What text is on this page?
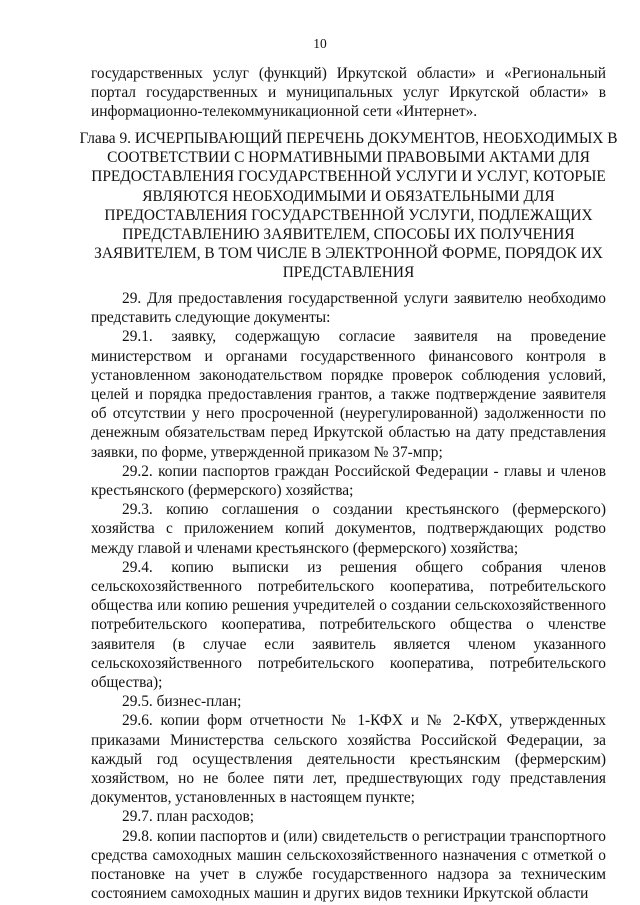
10

государственных услуг (функций) Иркутской области» и «Региональный портал государственных и муниципальных услуг Иркутской области» в информационно-телекоммуникационной сети «Интернет».

Глава 9. ИСЧЕРПЫВАЮЩИЙ ПЕРЕЧЕНЬ ДОКУМЕНТОВ, НЕОБХОДИМЫХ В СООТВЕТСТВИИ С НОРМАТИВНЫМИ ПРАВОВЫМИ АКТАМИ ДЛЯ ПРЕДОСТАВЛЕНИЯ ГОСУДАРСТВЕННОЙ УСЛУГИ И УСЛУГ, КОТОРЫЕ ЯВЛЯЮТСЯ НЕОБХОДИМЫМИ И ОБЯЗАТЕЛЬНЫМИ ДЛЯ ПРЕДОСТАВЛЕНИЯ ГОСУДАРСТВЕННОЙ УСЛУГИ, ПОДЛЕЖАЩИХ ПРЕДСТАВЛЕНИЮ ЗАЯВИТЕЛЕМ, СПОСОБЫ ИХ ПОЛУЧЕНИЯ ЗАЯВИТЕЛЕМ, В ТОМ ЧИСЛЕ В ЭЛЕКТРОННОЙ ФОРМЕ, ПОРЯДОК ИХ ПРЕДСТАВЛЕНИЯ

29. Для предоставления государственной услуги заявителю необходимо представить следующие документы:

29.1. заявку, содержащую согласие заявителя на проведение министерством и органами государственного финансового контроля в установленном законодательством порядке проверок соблюдения условий, целей и порядка предоставления грантов, а также подтверждение заявителя об отсутствии у него просроченной (неурегулированной) задолженности по денежным обязательствам перед Иркутской областью на дату представления заявки, по форме, утвержденной приказом № 37-мпр;

29.2. копии паспортов граждан Российской Федерации - главы и членов крестьянского (фермерского) хозяйства;

29.3. копию соглашения о создании крестьянского (фермерского) хозяйства с приложением копий документов, подтверждающих родство между главой и членами крестьянского (фермерского) хозяйства;

29.4. копию выписки из решения общего собрания членов сельскохозяйственного потребительского кооператива, потребительского общества или копию решения учредителей о создании сельскохозяйственного потребительского кооператива, потребительского общества о членстве заявителя (в случае если заявитель является членом указанного сельскохозяйственного потребительского кооператива, потребительского общества);

29.5. бизнес-план;

29.6. копии форм отчетности № 1-КФХ и № 2-КФХ, утвержденных приказами Министерства сельского хозяйства Российской Федерации, за каждый год осуществления деятельности крестьянским (фермерским) хозяйством, но не более пяти лет, предшествующих году представления документов, установленных в настоящем пункте;

29.7. план расходов;

29.8. копии паспортов и (или) свидетельств о регистрации транспортного средства самоходных машин сельскохозяйственного назначения с отметкой о постановке на учет в службе государственного надзора за техническим состоянием самоходных машин и других видов техники Иркутской области
